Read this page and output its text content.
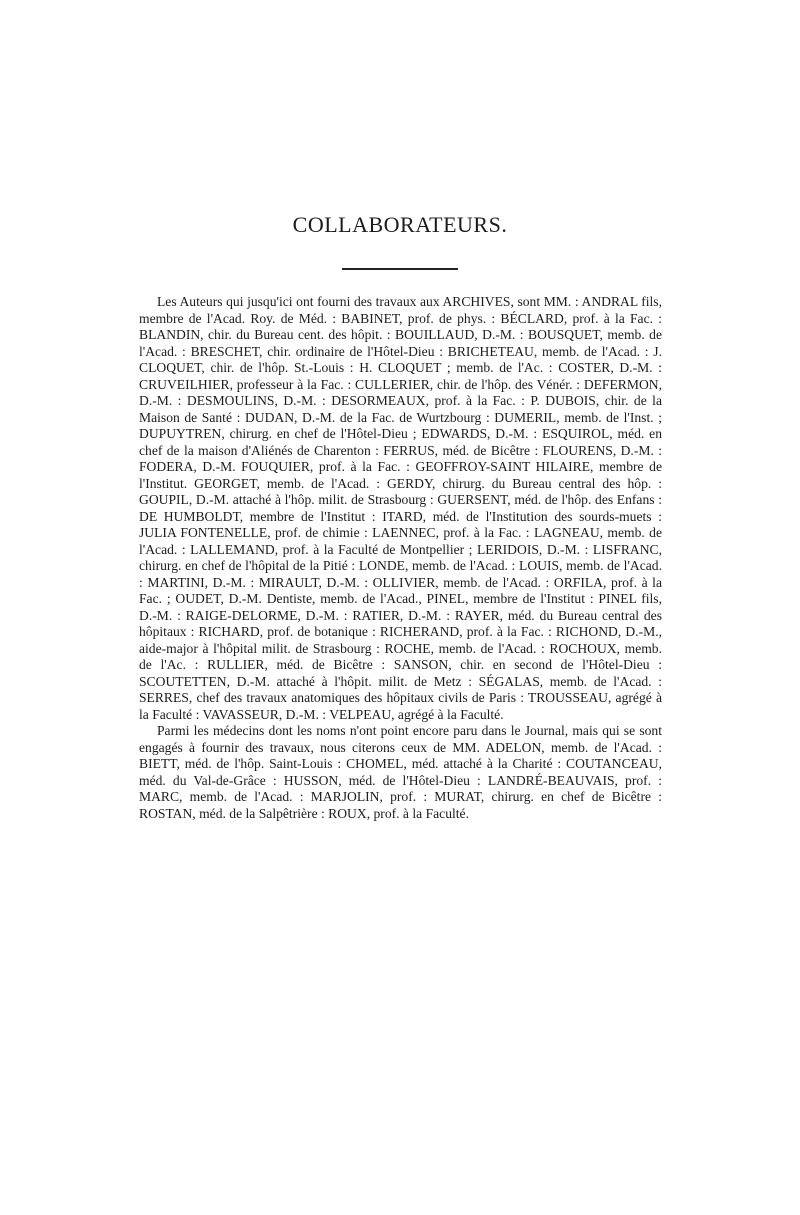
COLLABORATEURS.

Les Auteurs qui jusqu'ici ont fourni des travaux aux ARCHIVES, sont MM. : ANDRAL fils, membre de l'Acad. Roy. de Méd. : BABINET, prof. de phys. : BÉCLARD, prof. à la Fac. : BLANDIN, chir. du Bureau cent. des hôpit. : BOUILLAUD, D.-M. : BOUSQUET, memb. de l'Acad. : BRESCHET, chir. ordinaire de l'Hôtel-Dieu : BRICHETEAU, memb. de l'Acad. : J. CLOQUET, chir. de l'hôp. St.-Louis : H. CLOQUET ; memb. de l'Ac. : COSTER, D.-M. : CRUVEILHIER, professeur à la Fac. : CULLERIER, chir. de l'hôp. des Vénér. : DEFERMON, D.-M. : DESMOULINS, D.-M. : DESORMEAUX, prof. à la Fac. : P. DUBOIS, chir. de la Maison de Santé : DUDAN, D.-M. de la Fac. de Wurtzbourg : DUMERIL, memb. de l'Inst. ; DUPUYTREN, chirurg. en chef de l'Hôtel-Dieu ; EDWARDS, D.-M. : ESQUIROL, méd. en chef de la maison d'Aliénés de Charenton : FERRUS, méd. de Bicêtre : FLOURENS, D.-M. : FODERA, D.-M. FOUQUIER, prof. à la Fac. : GEOFFROY-SAINT HILAIRE, membre de l'Institut. GEORGET, memb. de l'Acad. : GERDY, chirurg. du Bureau central des hôp. : GOUPIL, D.-M. attaché à l'hôp. milit. de Strasbourg : GUERSENT, méd. de l'hôp. des Enfans : DE HUMBOLDT, membre de l'Institut : ITARD, méd. de l'Institution des sourds-muets : JULIA FONTENELLE, prof. de chimie : LAENNEC, prof. à la Fac. : LAGNEAU, memb. de l'Acad. : LALLEMAND, prof. à la Faculté de Montpellier ; LERIDOIS, D.-M. : LISFRANC, chirurg. en chef de l'hôpital de la Pitié : LONDE, memb. de l'Acad. : LOUIS, memb. de l'Acad. : MARTINI, D.-M. : MIRAULT, D.-M. : OLLIVIER, memb. de l'Acad. : ORFILA, prof. à la Fac. ; OUDET, D.-M. Dentiste, memb. de l'Acad., PINEL, membre de l'Institut : PINEL fils, D.-M. : RAIGE-DELORME, D.-M. : RATIER, D.-M. : RAYER, méd. du Bureau central des hôpitaux : RICHARD, prof. de botanique : RICHERAND, prof. à la Fac. : RICHOND, D.-M., aide-major à l'hôpital milit. de Strasbourg : ROCHE, memb. de l'Acad. : ROCHOUX, memb. de l'Ac. : RULLIER, méd. de Bicêtre : SANSON, chir. en second de l'Hôtel-Dieu : SCOUTETTEN, D.-M. attaché à l'hôpit. milit. de Metz : SÉGALAS, memb. de l'Acad. : SERRES, chef des travaux anatomiques des hôpitaux civils de Paris : TROUSSEAU, agrégé à la Faculté : VAVASSEUR, D.-M. : VELPEAU, agrégé à la Faculté.

Parmi les médecins dont les noms n'ont point encore paru dans le Journal, mais qui se sont engagés à fournir des travaux, nous citerons ceux de MM. ADELON, memb. de l'Acad. : BIETT, méd. de l'hôp. Saint-Louis : CHOMEL, méd. attaché à la Charité : COUTANCEAU, méd. du Val-de-Grâce : HUSSON, méd. de l'Hôtel-Dieu : LANDRÉ-BEAUVAIS, prof. : MARC, memb. de l'Acad. : MARJOLIN, prof. : MURAT, chirurg. en chef de Bicêtre : ROSTAN, méd. de la Salpêtrière : ROUX, prof. à la Faculté.
